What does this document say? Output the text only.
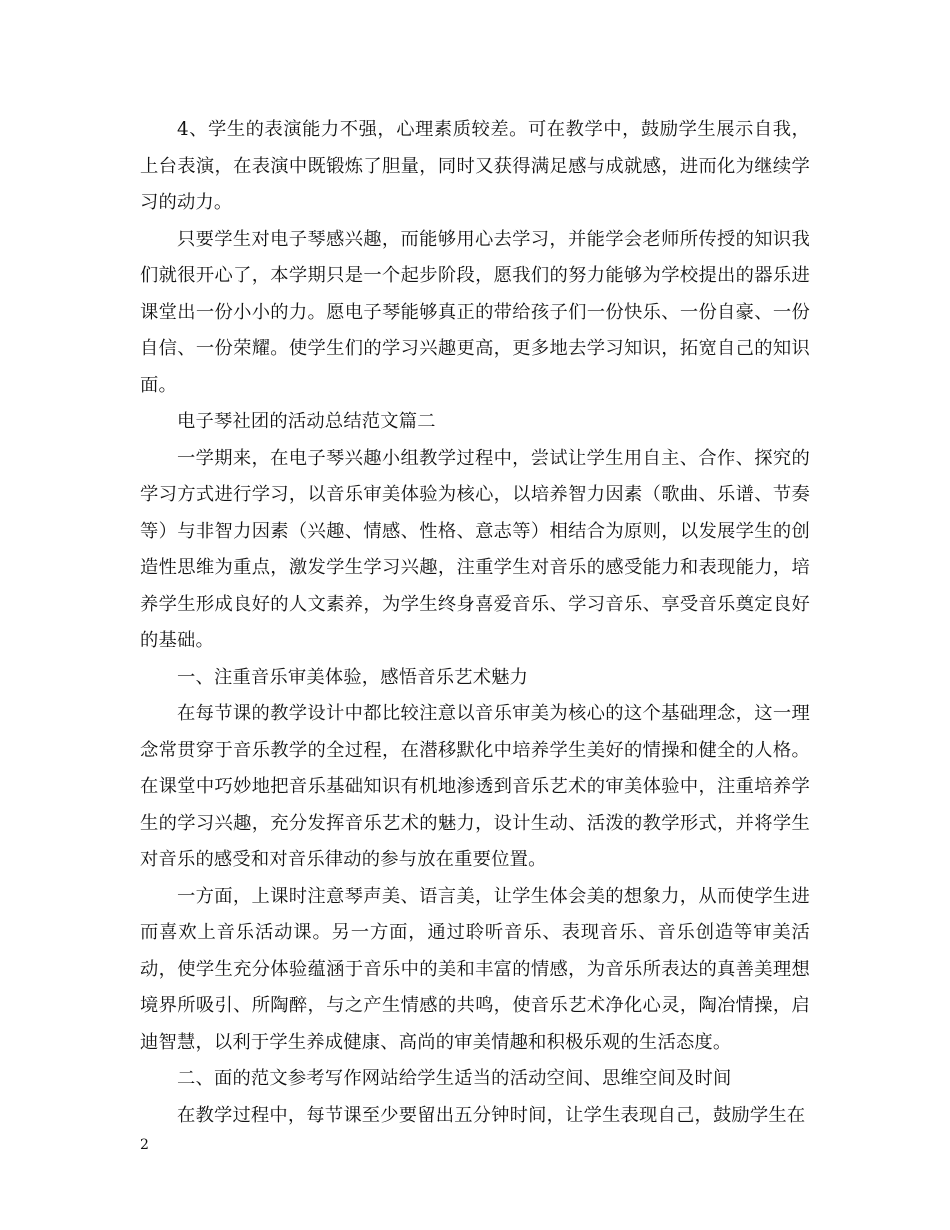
4、学生的表演能力不强，心理素质较差。可在教学中，鼓励学生展示自我，上台表演，在表演中既锻炼了胆量，同时又获得满足感与成就感，进而化为继续学习的动力。

只要学生对电子琴感兴趣，而能够用心去学习，并能学会老师所传授的知识我们就很开心了，本学期只是一个起步阶段，愿我们的努力能够为学校提出的器乐进课堂出一份小小的力。愿电子琴能够真正的带给孩子们一份快乐、一份自豪、一份自信、一份荣耀。使学生们的学习兴趣更高，更多地去学习知识，拓宽自己的知识面。

电子琴社团的活动总结范文篇二

一学期来，在电子琴兴趣小组教学过程中，尝试让学生用自主、合作、探究的学习方式进行学习，以音乐审美体验为核心，以培养智力因素（歌曲、乐谱、节奏等）与非智力因素（兴趣、情感、性格、意志等）相结合为原则，以发展学生的创造性思维为重点，激发学生学习兴趣，注重学生对音乐的感受能力和表现能力，培养学生形成良好的人文素养，为学生终身喜爱音乐、学习音乐、享受音乐奠定良好的基础。

一、注重音乐审美体验，感悟音乐艺术魅力

在每节课的教学设计中都比较注意以音乐审美为核心的这个基础理念，这一理念常贯穿于音乐教学的全过程，在潜移默化中培养学生美好的情操和健全的人格。在课堂中巧妙地把音乐基础知识有机地渗透到音乐艺术的审美体验中，注重培养学生的学习兴趣，充分发挥音乐艺术的魅力，设计生动、活泼的教学形式，并将学生对音乐的感受和对音乐律动的参与放在重要位置。

一方面，上课时注意琴声美、语言美，让学生体会美的想象力，从而使学生进而喜欢上音乐活动课。另一方面，通过聆听音乐、表现音乐、音乐创造等审美活动，使学生充分体验蕴涵于音乐中的美和丰富的情感，为音乐所表达的真善美理想境界所吸引、所陶醉，与之产生情感的共鸣，使音乐艺术净化心灵，陶冶情操，启迪智慧，以利于学生养成健康、高尚的审美情趣和积极乐观的生活态度。

二、面的范文参考写作网站给学生适当的活动空间、思维空间及时间

在教学过程中，每节课至少要留出五分钟时间，让学生表现自己，鼓励学生在

2
